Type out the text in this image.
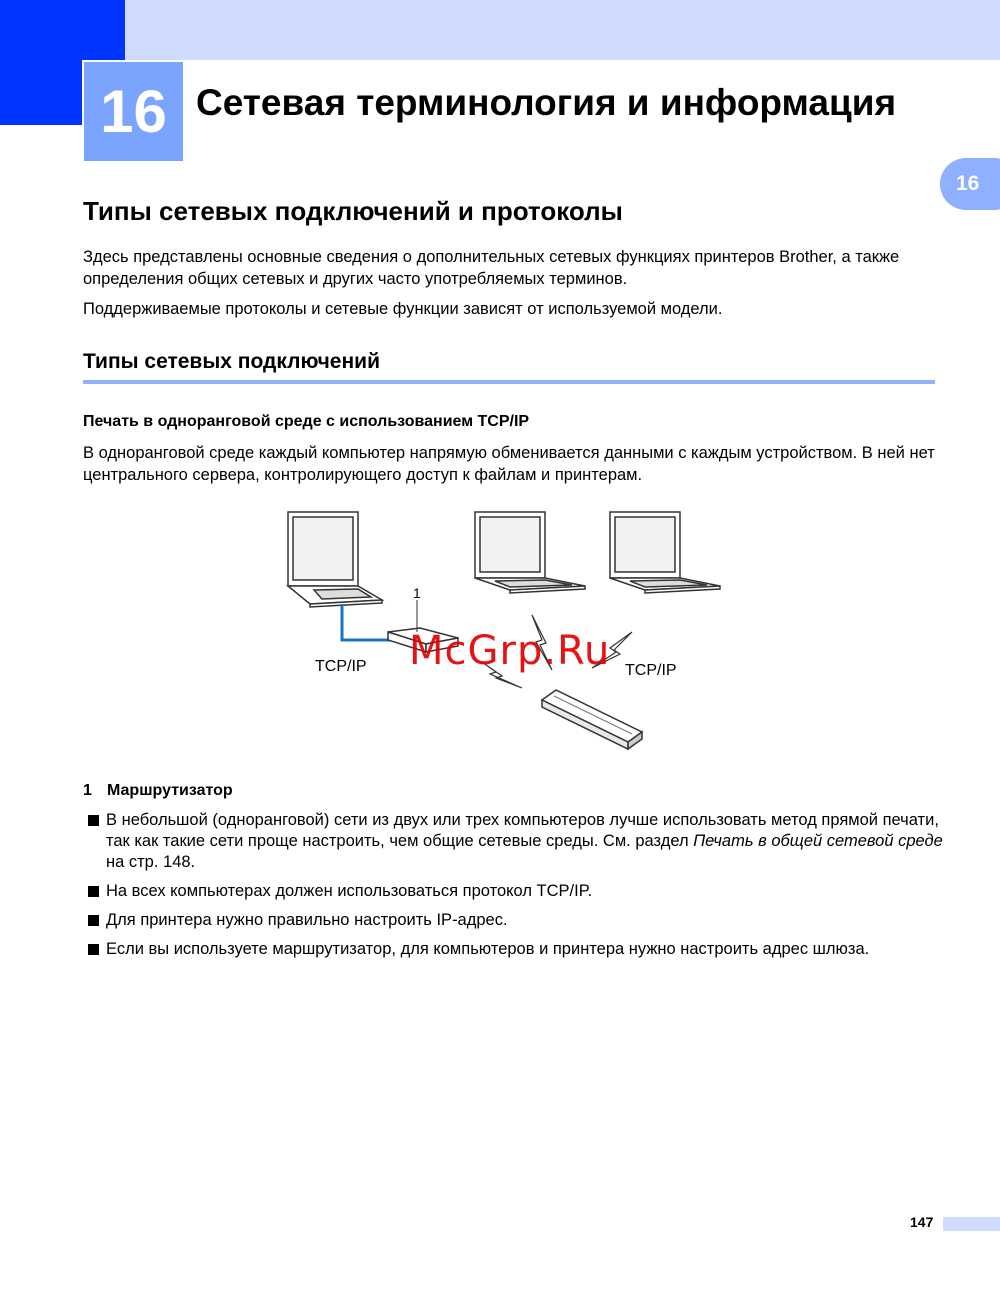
16 Сетевая терминология и информация
16
Типы сетевых подключений и протоколы
Здесь представлены основные сведения о дополнительных сетевых функциях принтеров Brother, а также определения общих сетевых и других часто употребляемых терминов.
Поддерживаемые протоколы и сетевые функции зависят от используемой модели.
Типы сетевых подключений
Печать в одноранговой среде с использованием TCP/IP
В одноранговой среде каждый компьютер напрямую обменивается данными с каждым устройством. В ней нет центрального сервера, контролирующего доступ к файлам и принтерам.
1
TCP/IP	TCP/IP
McGrp.Ru
1 Маршрутизатор
В небольшой (одноранговой) сети из двух или трех компьютеров лучше использовать метод прямой печати, так как такие сети проще настроить, чем общие сетевые среды. См. раздел Печать в общей сетевой среде на стр. 148.
На всех компьютерах должен использоваться протокол TCP/IP.
Для принтера нужно правильно настроить IP-адрес.
Если вы используете маршрутизатор, для компьютеров и принтера нужно настроить адрес шлюза.
147
